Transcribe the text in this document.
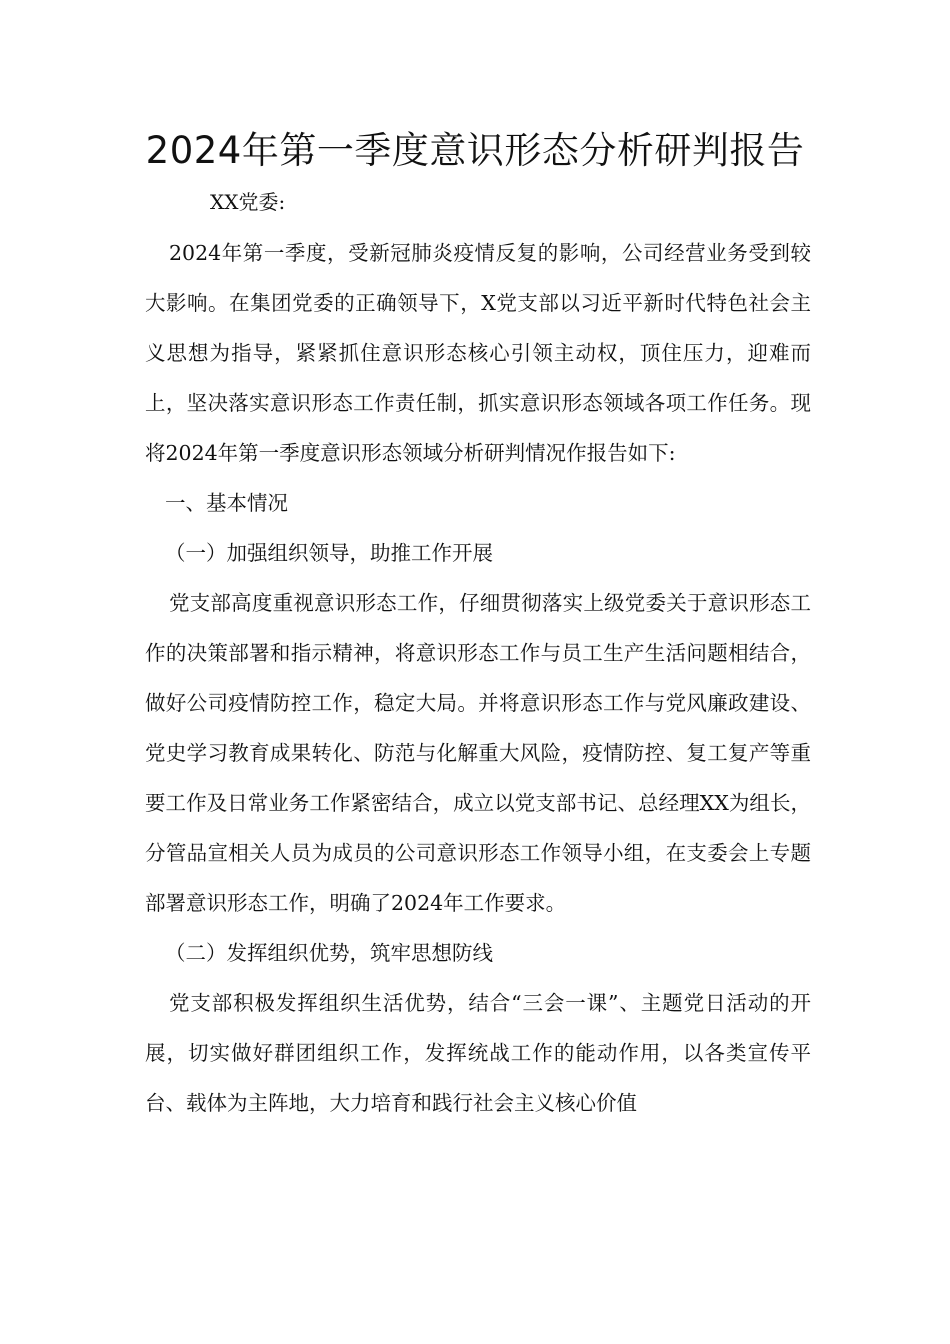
2024年第一季度意识形态分析研判报告

XX党委:

2024年第一季度，受新冠肺炎疫情反复的影响，公司经营业务受到较大影响。在集团党委的正确领导下，X党支部以习近平新时代特色社会主义思想为指导，紧紧抓住意识形态核心引领主动权，顶住压力，迎难而上，坚决落实意识形态工作责任制，抓实意识形态领域各项工作任务。现将2024年第一季度意识形态领域分析研判情况作报告如下:

一、基本情况

（一）加强组织领导，助推工作开展

党支部高度重视意识形态工作，仔细贯彻落实上级党委关于意识形态工作的决策部署和指示精神，将意识形态工作与员工生产生活问题相结合，做好公司疫情防控工作，稳定大局。并将意识形态工作与党风廉政建设、党史学习教育成果转化、防范与化解重大风险，疫情防控、复工复产等重要工作及日常业务工作紧密结合，成立以党支部书记、总经理XX为组长，分管品宣相关人员为成员的公司意识形态工作领导小组，在支委会上专题部署意识形态工作，明确了2024年工作要求。

（二）发挥组织优势，筑牢思想防线

党支部积极发挥组织生活优势，结合“三会一课”、主题党日活动的开展，切实做好群团组织工作，发挥统战工作的能动作用，以各类宣传平台、载体为主阵地，大力培育和践行社会主义核心价值
